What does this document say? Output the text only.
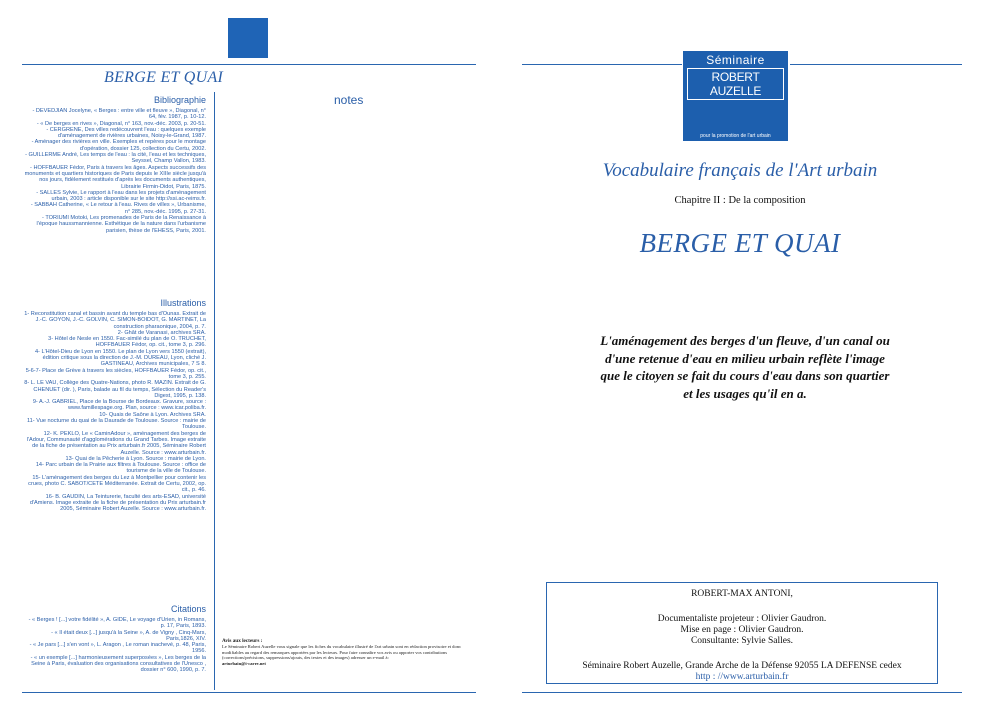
BERGE ET QUAI
Bibliographie

- DEVEDJIAN Jocelyne, « Berges : entre ville et fleuve », Diagonal, n° 64, fév. 1987, p. 10-12.

- « De berges en rives », Diagonal, n° 163, nov.-déc. 2003, p. 20-51.

- CERGRENE, Des villes redécouvrent l'eau : quelques exemple d'aménagement de rivières urbaines, Noisy-le-Grand, 1987.

- Aménager des rivières en ville. Exemples et repères pour le montage d'opération, dossier 125, collection du Certu, 2002.

- GUILLERME André, Les temps de l'eau : la cité, l'eau et les techniques, Seyssel, Champ Vallon, 1983.

- HOFFBAUER Fédor, Paris à travers les âges. Aspects successifs des monuments et quartiers historiques de Paris depuis le XIIIe siècle jusqu'à nos jours, fidèlement restitués d'après les documents authentiques, Librairie Firmin-Didot, Paris, 1875.

- SALLES Sylvie, Le rapport à l'eau dans les projets d'aménagement urbain, 2003 : article disponible sur le site http://ssi.ac-reims.fr.

- SABBAH Catherine, « Le retour à l'eau. Rives de villes », Urbanisme, n° 285, nov.-déc. 1995, p. 27-31.

- TORIUMI Motoki, Les promenades de Paris de la Renaissance à l'époque haussmannienne. Esthétique de la nature dans l'urbanisme parisien, thèse de l'EHESS, Paris, 2001.

Illustrations

1- Reconstitution canal et bassin avant du temple bas d'Ounas. Extrait de J.-C. GOYON, J.-C. GOLVIN, C. SIMON-BOIDOT, G. MARTINET, La construction pharaonique, 2004, p. 7.

2- Ghât de Varanasi, archives SRA.

3- Hôtel de Nesle en 1550. Fac-similé du plan de O. TRUCHET, HOFFBAUER Fédor, op. cit., tome 3, p. 296.

4- L'Hôtel-Dieu de Lyon en 1550. Le plan de Lyon vers 1550 (extrait), édition critique sous la direction de J.-M. DUREAU, Lyon, cliché J. GASTINEAU, Archives municipales, 7 S 8.

5-6-7- Place de Grève à travers les siècles, HOFFBAUER Fédor, op. cit., tome 3, p. 255.

8- L. LE VAU, Collège des Quatre-Nations, photo R. MAZIN. Extrait de G. CHENUET (dir. ), Paris, balade au fil du temps, Sélection du Reader's Digest, 1995, p. 138.

9- A.-J. GABRIEL, Place de la Bourse de Bordeaux. Gravure, source : www.famillespage.org. Plan, source : www.icar.poliba.fr.

10- Quais de Saône à Lyon. Archives SRA.

11- Vue nocturne du quai de la Daurade de Toulouse. Source : mairie de Toulouse.

12- K. PEKLO, Le « CaminAdour », aménagement des berges de l'Adour, Communauté d'agglomérations du Grand Tarbes. Image extraite de la fiche de présentation au Prix arturbain.fr 2005, Séminaire Robert Auzelle. Source : www.arturbain.fr.

13- Quai de la Pêcherie à Lyon. Source : mairie de Lyon.

14- Parc urbain de la Prairie aux filtres à Toulouse. Source : office de tourisme de la ville de Toulouse.

15- L'aménagement des berges du Lez à Montpellier pour contenir les crues, photo C. SABOT/CETE Méditerranée. Extrait de Certu, 2002, op. cit., p. 46.

16- B. GAUDIN, La Teinturerie, faculté des arts-ESAD, université d'Amiens. Image extraite de la fiche de présentation du Prix arturbain.fr 2005, Séminaire Robert Auzelle. Source : www.arturbain.fr.

Citations

- « Berges ! [...] votre fidélité », A. GIDE, Le voyage d'Urien, in Romans, p. 17, Paris, 1893.

- « Il était deux [...] jusqu'à la Seine », A. de Vigny , Cinq-Mars, Paris,1826, XIV.

- « Je pars [...] s'en vont », L. Aragon , Le roman inachevé, p. 48, Paris, 1956.

- « un exemple [...] harmonieusement superposées », Les berges de la Seine à Paris, évaluation des organisations consultatives de l'Unesco , dossier n° 600, 1990, p. 7.

notes
Avis aux lecteurs :
Le Séminaire Robert Auzelle vous signale que les fiches du vocabulaire illustré de l'art urbain sont en rédaction provisoire et donc modifiables au regard des remarques apportées par les lecteurs. Pour faire connaître vos avis ou apporter vos contributions (corrections/précisions, suppressions/ajouts, des textes et des images) adresser un e-mail à:
arturbain@i-carre.net
Séminaire
ROBERT AUZELLE
pour la promotion de l'art urbain
Vocabulaire français de l'Art urbain
Chapitre II : De la composition
BERGE ET QUAI
L'aménagement des berges d'un fleuve, d'un canal ou d'une retenue d'eau en milieu urbain reflète l'image que le citoyen se fait du cours d'eau dans son quartier et les usages qu'il en a.
ROBERT-MAX ANTONI,
Documentaliste projeteur : Olivier Gaudron.
Mise en page : Olivier Gaudron.
Consultante: Sylvie Salles.
Séminaire Robert Auzelle, Grande Arche de la Défense 92055 LA DEFENSE cedex
http : //www.arturbain.fr
